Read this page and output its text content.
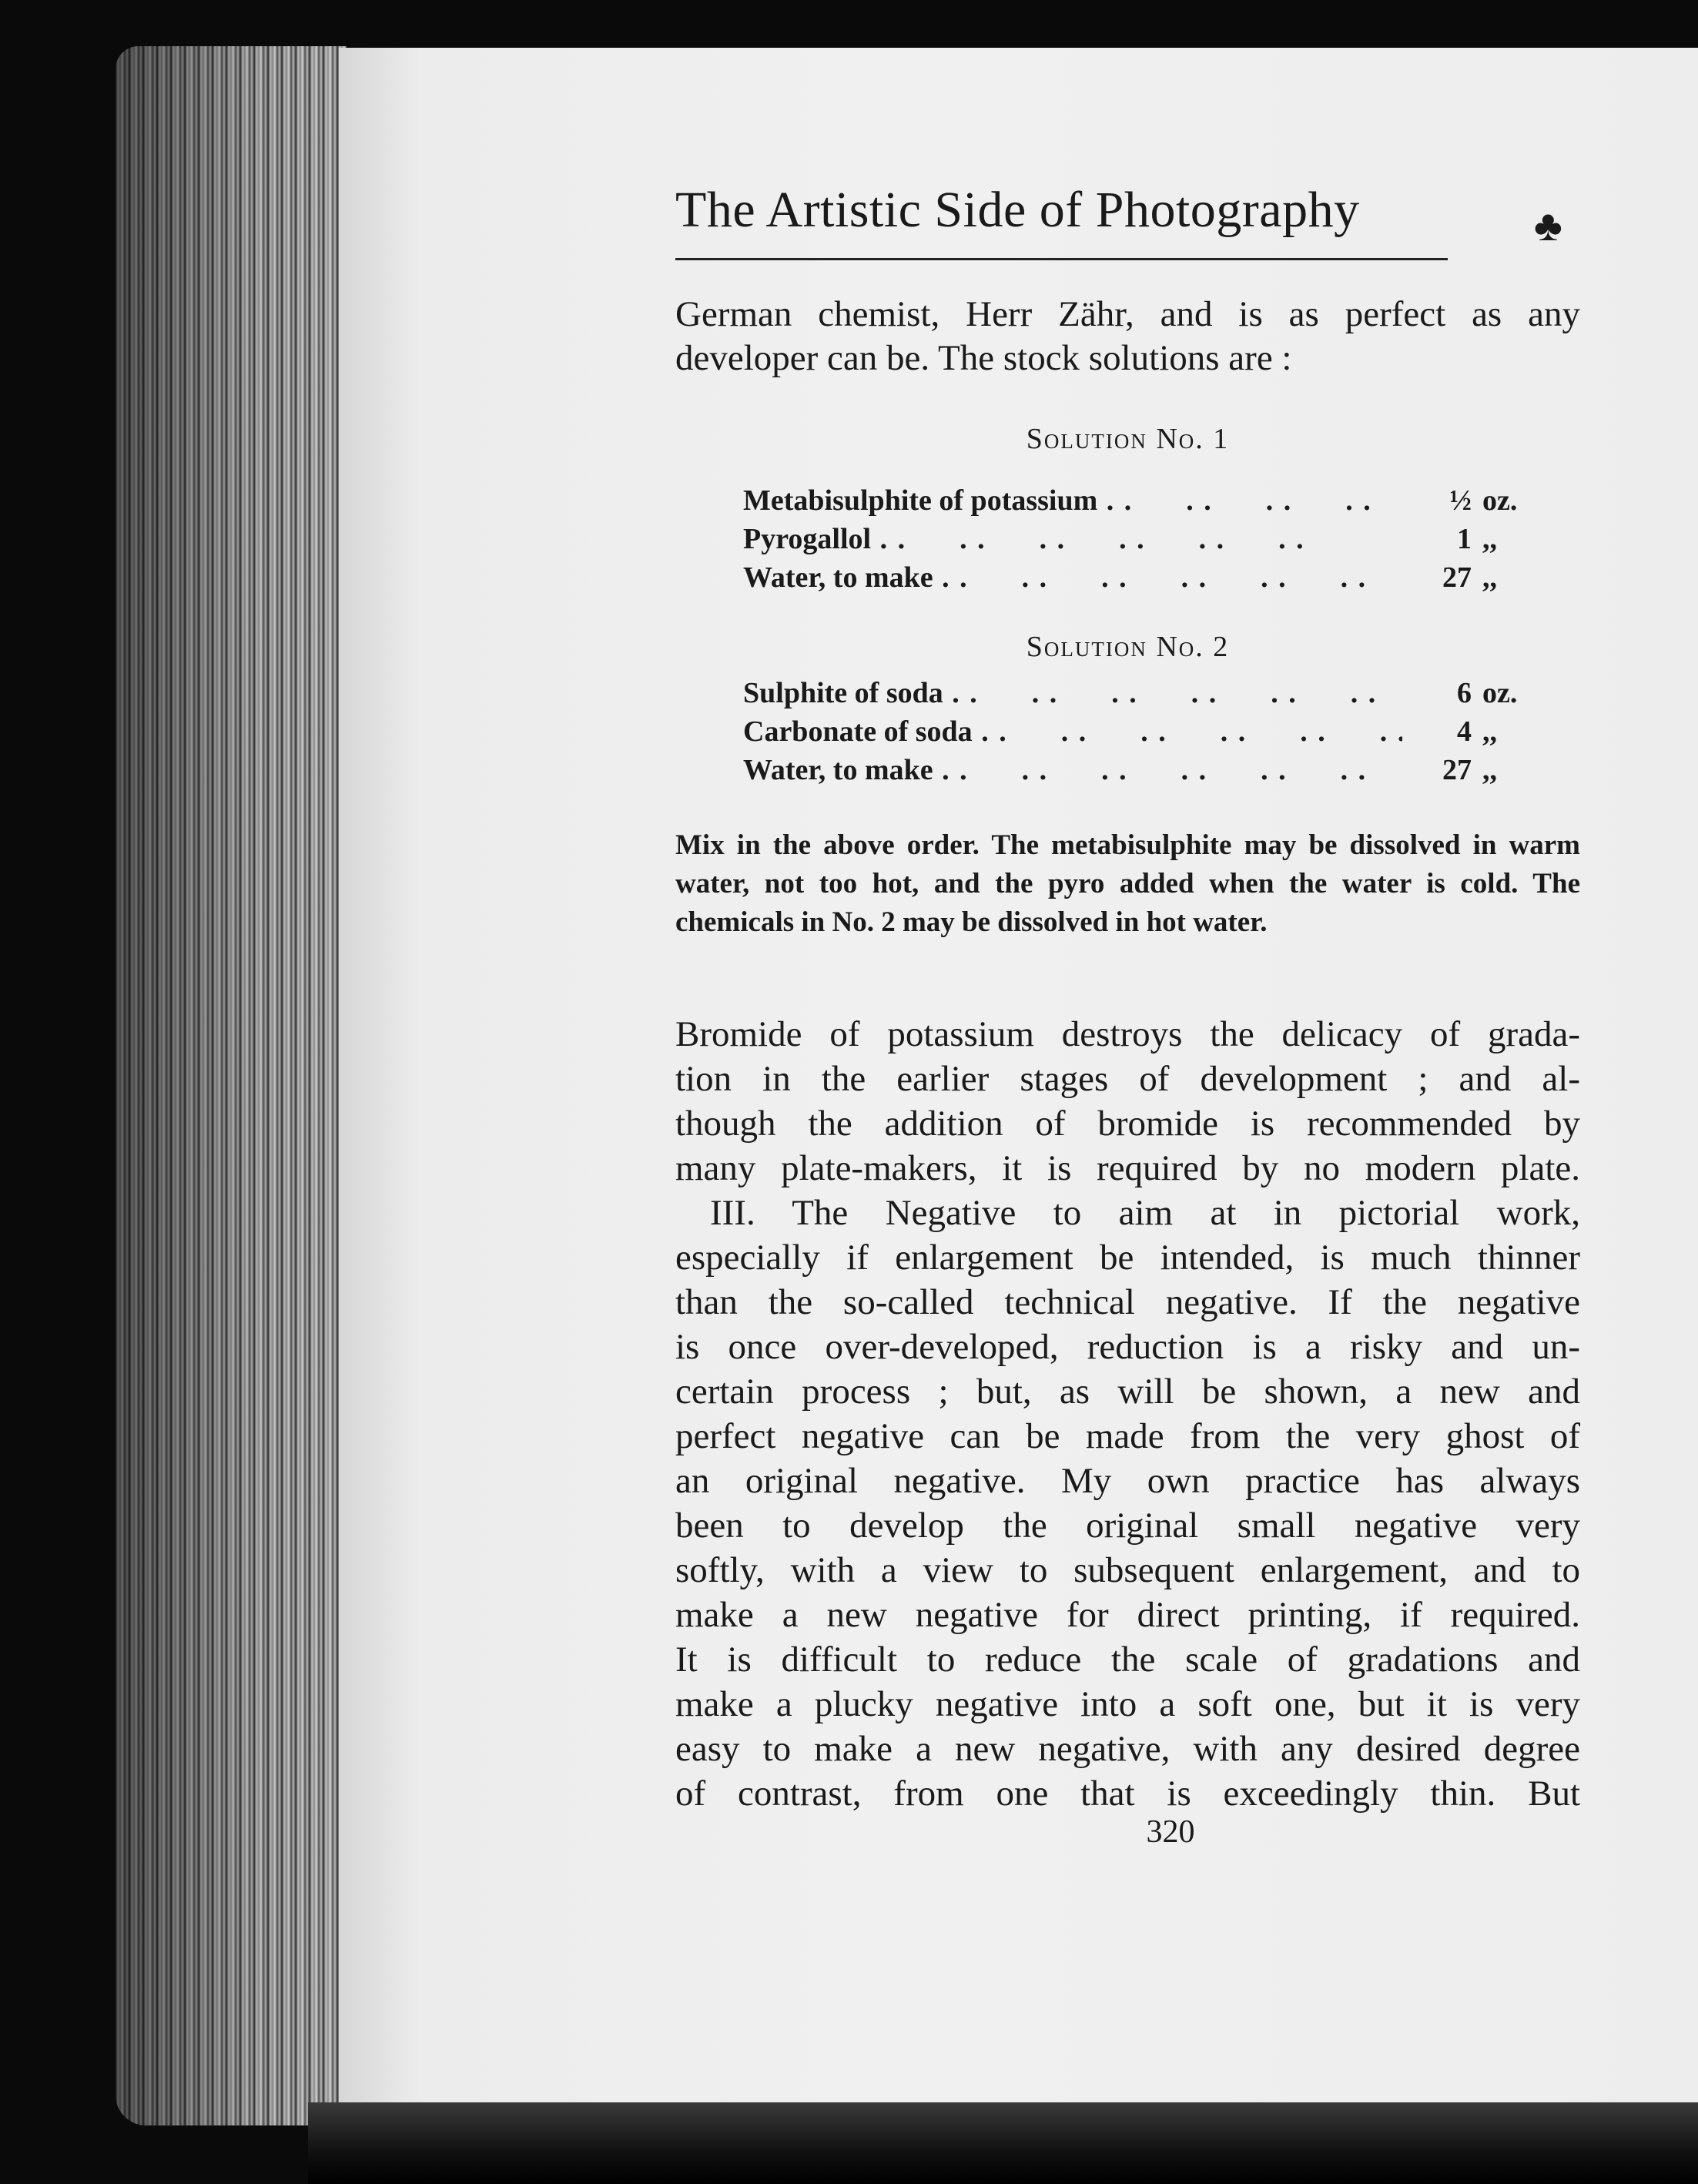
The Artistic Side of Photography	♣
German chemist, Herr Zähr, and is as perfect as any
developer can be. The stock solutions are :
Solution No. 1
Metabisulphite of potassium . .	½ oz.
Pyrogallol . .	1 ,,
Water, to make . .	27 ,,
Solution No. 2
Sulphite of soda . .	6 oz.
Carbonate of soda . .	4 ,,
Water, to make . .	27 ,,
Mix in the above order. The metabisulphite may be dissolved in warm water, not too hot, and the pyro added when the water is cold. The chemicals in No. 2 may be dissolved in hot water.
Bromide of potassium destroys the delicacy of grada-
tion in the earlier stages of development ; and al-
though the addition of bromide is recommended by
many plate-makers, it is required by no modern plate.
III. The Negative to aim at in pictorial work,
especially if enlargement be intended, is much thinner
than the so-called technical negative. If the negative
is once over-developed, reduction is a risky and un-
certain process ; but, as will be shown, a new and
perfect negative can be made from the very ghost of
an original negative. My own practice has always
been to develop the original small negative very
softly, with a view to subsequent enlargement, and to
make a new negative for direct printing, if required.
It is difficult to reduce the scale of gradations and
make a plucky negative into a soft one, but it is very
easy to make a new negative, with any desired degree
of contrast, from one that is exceedingly thin. But
320
